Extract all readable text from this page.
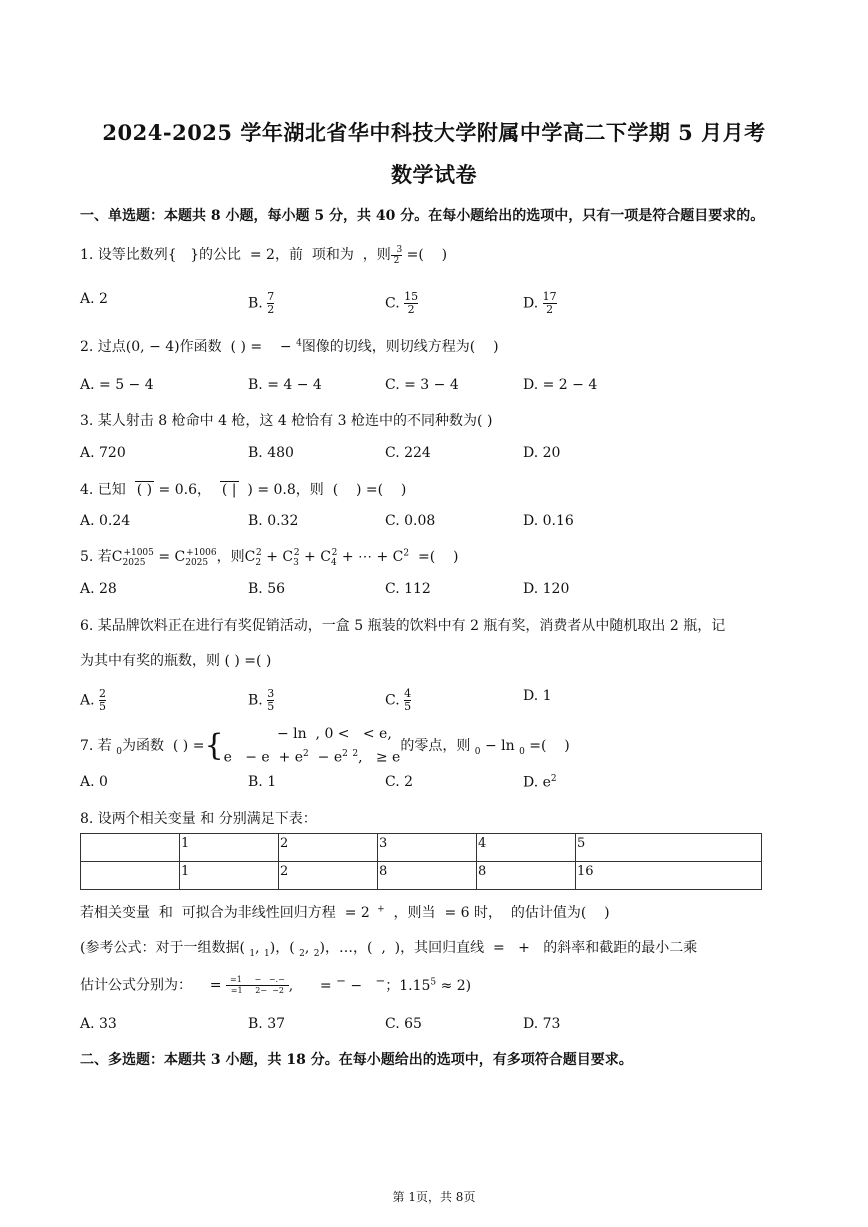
2024-2025 学年湖北省华中科技大学附属中学高二下学期 5 月月考
数学试卷
一、单选题：本题共 8 小题，每小题 5 分，共 40 分。在每小题给出的选项中，只有一项是符合题目要求的。
1. 设等比数列{   }的公比  = 2，前  项和为  ，则 $\frac{3}{2}$ =(    )
A. 2	B. $\frac{7}{2}$	C. $\frac{15}{2}$	D. $\frac{17}{2}$
2. 过点(0, − 4)作函数  ( ) =    − $^4$图像的切线，则切线方程为(    )
A. = 5 − 4	B. = 4 − 4	C. = 3 − 4	D. = 2 − 4
3. 某人射击 8 枪命中 4 枪，这 4 枪恰有 3 枪连中的不同种数为( )
A. 720	B. 480	C. 224	D. 20
4. 已知  ( ) = 0.6，  ( |  ) = 0.8，则  (    ) =(    )
A. 0.24	B. 0.32	C. 0.08	D. 0.16
5. 若$C_{2025}^{+1005} = C_{2025}^{+1006}$，则$C_2^2 + C_3^2 + C_4^2$ + ⋯ + $C^2$  =(    )
A. 28	B. 56	C. 112	D. 120
6. 某品牌饮料正在进行有奖促销活动，一盒 5 瓶装的饮料中有 2 瓶有奖，消费者从中随机取出 2 瓶，记
为其中有奖的瓶数，则 ( ) =( )
A. $\frac{2}{5}$	B. $\frac{3}{5}$	C. $\frac{4}{5}$	D. 1
7. 若 $_0$为函数  ( ) ={ − ln  , 0 <   < e,
$e - e + e^2 - e^2$ $^2$,   ≥ e
的零点，则 $_0$ − ln $_0$ =(    )
A. 0	B. 1	C. 2	D. $e^2$
8. 设两个相关变量 和 分别满足下表：
	1	2	3	4	5
	1	2	8	8	16
若相关变量  和  可拟合为非线性回归方程  = 2  +  ，则当  = 6 时，  的估计值为(    )
(参考公式：对于一组数据( $_1$, $_1$)，( $_2$, $_2$)，…，(  ,  )，其回归直线  =   +   的斜率和截距的最小二乘
估计公式分别为：    = $\frac{=1 - -.-}{=1 2- -2}$ ,      = − −   −；$1.15^5 \approx 2$)
A. 33	B. 37	C. 65	D. 73
二、多选题：本题共 3 小题，共 18 分。在每小题给出的选项中，有多项符合题目要求。
第 1页，共 8页
